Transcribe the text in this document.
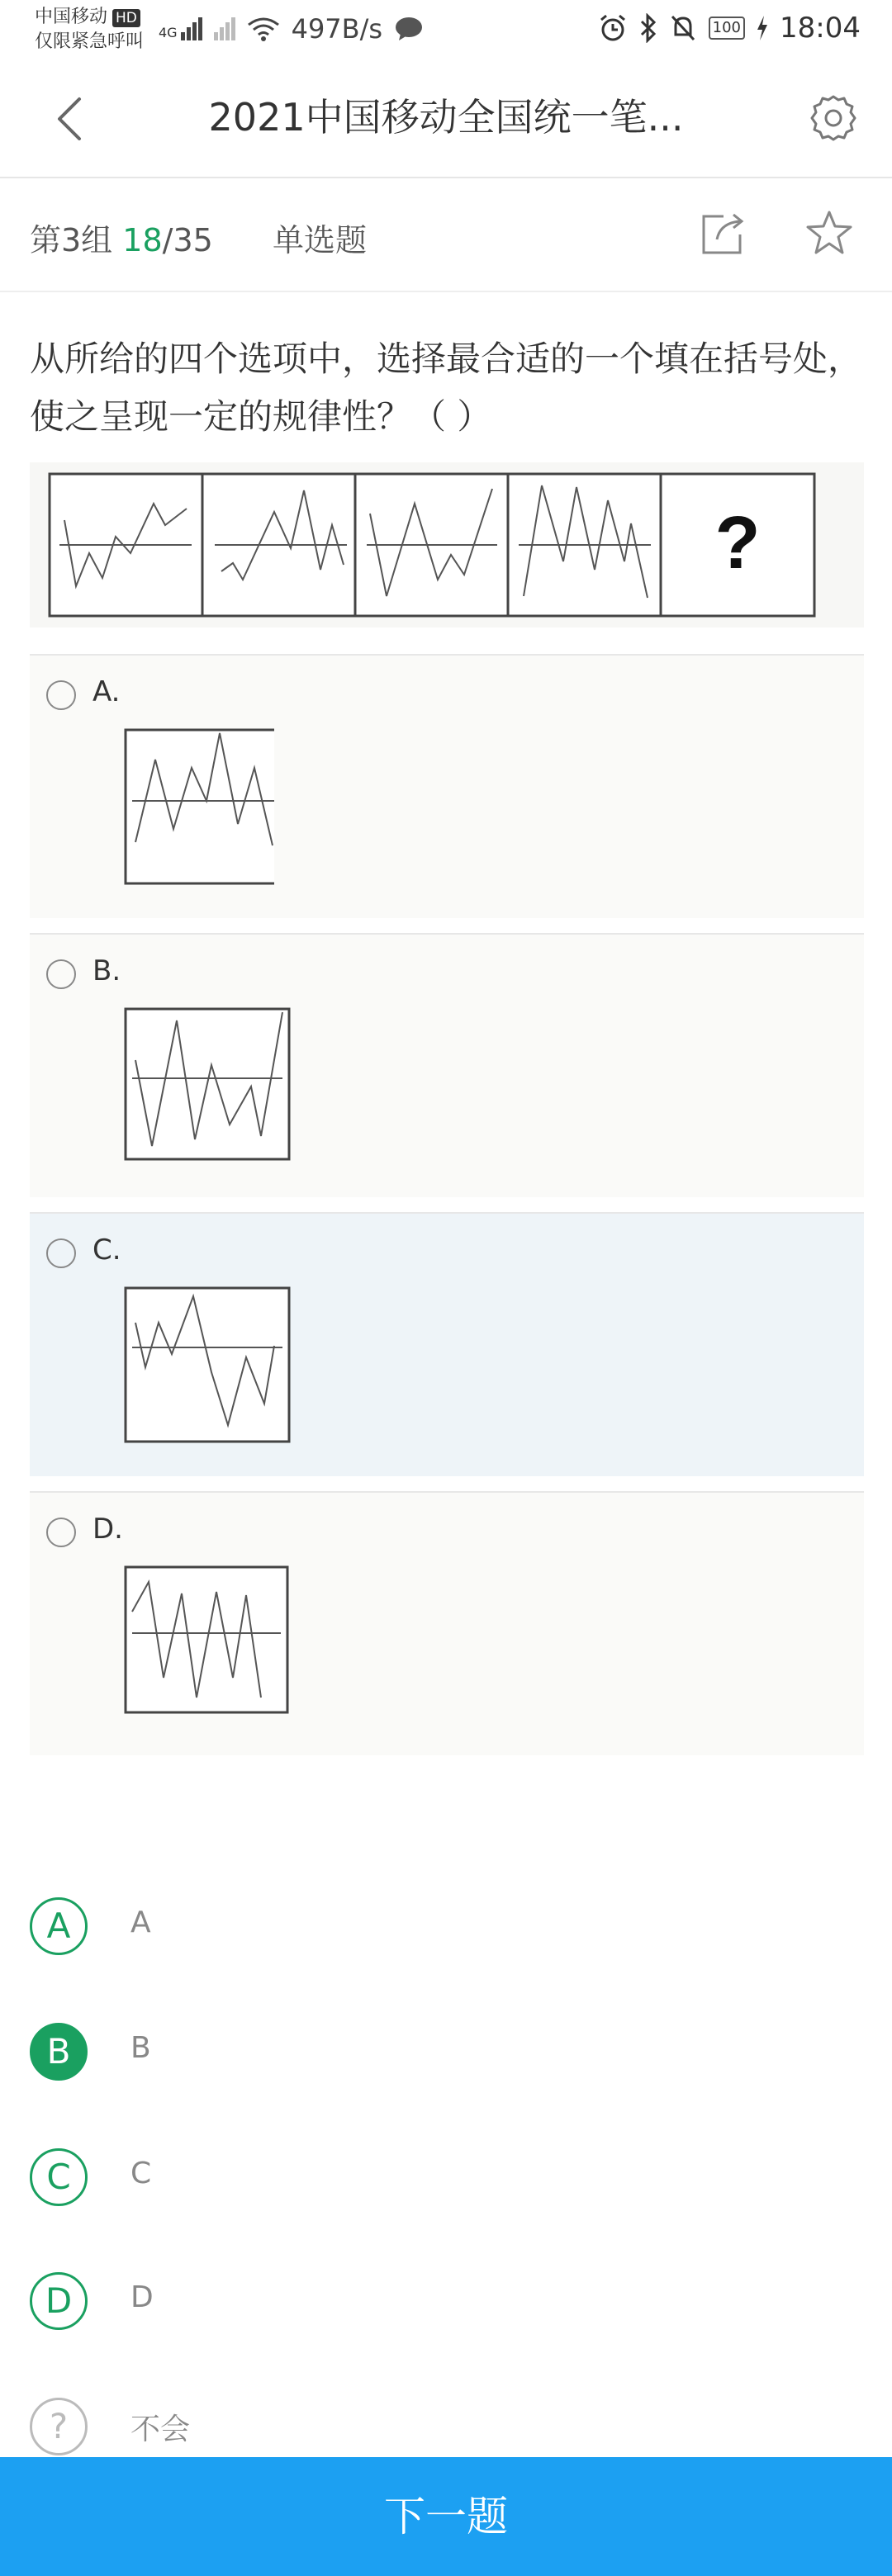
中国移动 HD
仅限紧急呼叫 4G	497B/s	100 18:04
2021中国移动全国统一笔...
第3组 18/35 单选题
从所给的四个选项中，选择最合适的一个填在括号处，使之呈现一定的规律性？（ ）
?
A.
B.
C.
D.
A	A
B	B
C	C
D	D
?	不会
下一题
